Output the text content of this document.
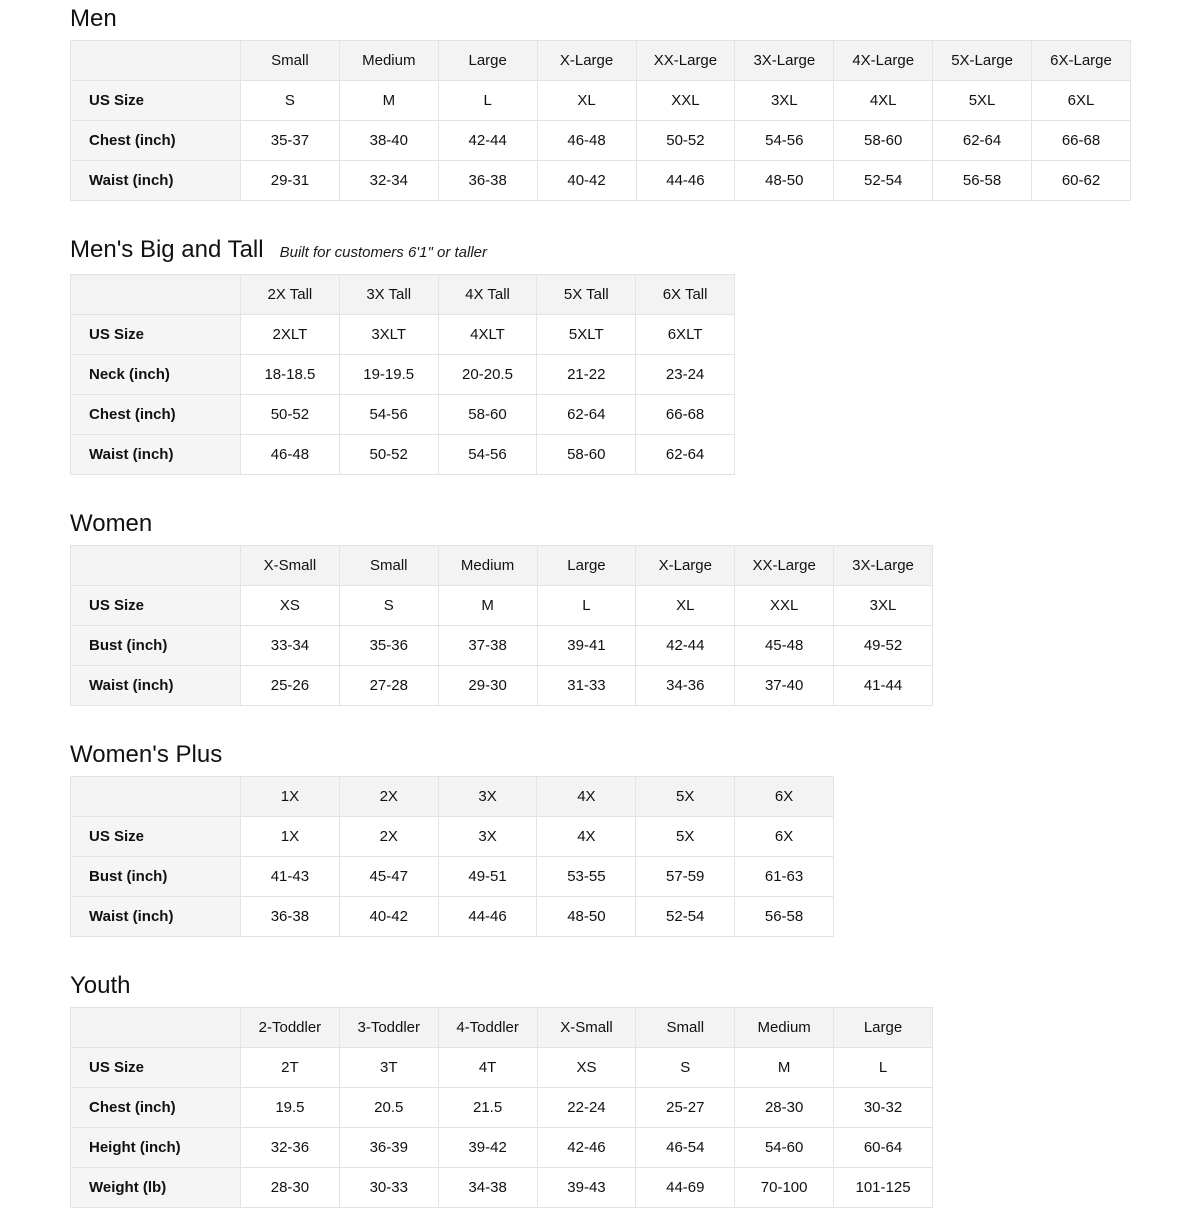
Men
	Small	Medium	Large	X-Large	XX-Large	3X-Large	4X-Large	5X-Large	6X-Large
US Size	S	M	L	XL	XXL	3XL	4XL	5XL	6XL
Chest (inch)	35-37	38-40	42-44	46-48	50-52	54-56	58-60	62-64	66-68
Waist (inch)	29-31	32-34	36-38	40-42	44-46	48-50	52-54	56-58	60-62
Men's Big and Tall Built for customers 6'1" or taller
	2X Tall	3X Tall	4X Tall	5X Tall	6X Tall
US Size	2XLT	3XLT	4XLT	5XLT	6XLT
Neck (inch)	18-18.5	19-19.5	20-20.5	21-22	23-24
Chest (inch)	50-52	54-56	58-60	62-64	66-68
Waist (inch)	46-48	50-52	54-56	58-60	62-64
Women
	X-Small	Small	Medium	Large	X-Large	XX-Large	3X-Large
US Size	XS	S	M	L	XL	XXL	3XL
Bust (inch)	33-34	35-36	37-38	39-41	42-44	45-48	49-52
Waist (inch)	25-26	27-28	29-30	31-33	34-36	37-40	41-44
Women's Plus
	1X	2X	3X	4X	5X	6X
US Size	1X	2X	3X	4X	5X	6X
Bust (inch)	41-43	45-47	49-51	53-55	57-59	61-63
Waist (inch)	36-38	40-42	44-46	48-50	52-54	56-58
Youth
	2-Toddler	3-Toddler	4-Toddler	X-Small	Small	Medium	Large
US Size	2T	3T	4T	XS	S	M	L
Chest (inch)	19.5	20.5	21.5	22-24	25-27	28-30	30-32
Height (inch)	32-36	36-39	39-42	42-46	46-54	54-60	60-64
Weight (lb)	28-30	30-33	34-38	39-43	44-69	70-100	101-125
